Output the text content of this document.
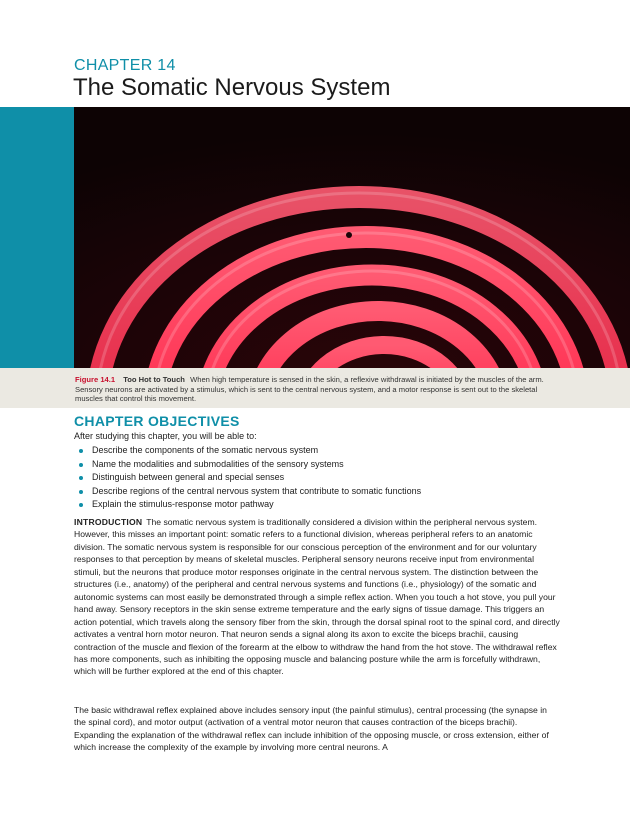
CHAPTER 14
The Somatic Nervous System
Figure 14.1 Too Hot to Touch When high temperature is sensed in the skin, a reflexive withdrawal is initiated by the muscles of the arm. Sensory neurons are activated by a stimulus, which is sent to the central nervous system, and a motor response is sent out to the skeletal muscles that control this movement.
CHAPTER OBJECTIVES
After studying this chapter, you will be able to:
Describe the components of the somatic nervous system
Name the modalities and submodalities of the sensory systems
Distinguish between general and special senses
Describe regions of the central nervous system that contribute to somatic functions
Explain the stimulus-response motor pathway

INTRODUCTION The somatic nervous system is traditionally considered a division within the peripheral nervous system. However, this misses an important point: somatic refers to a functional division, whereas peripheral refers to an anatomic division. The somatic nervous system is responsible for our conscious perception of the environment and for our voluntary responses to that perception by means of skeletal muscles. Peripheral sensory neurons receive input from environmental stimuli, but the neurons that produce motor responses originate in the central nervous system. The distinction between the structures (i.e., anatomy) of the peripheral and central nervous systems and functions (i.e., physiology) of the somatic and autonomic systems can most easily be demonstrated through a simple reflex action. When you touch a hot stove, you pull your hand away. Sensory receptors in the skin sense extreme temperature and the early signs of tissue damage. This triggers an action potential, which travels along the sensory fiber from the skin, through the dorsal spinal root to the spinal cord, and directly activates a ventral horn motor neuron. That neuron sends a signal along its axon to excite the biceps brachii, causing contraction of the muscle and flexion of the forearm at the elbow to withdraw the hand from the hot stove. The withdrawal reflex has more components, such as inhibiting the opposing muscle and balancing posture while the arm is forcefully withdrawn, which will be further explored at the end of this chapter.

The basic withdrawal reflex explained above includes sensory input (the painful stimulus), central processing (the synapse in the spinal cord), and motor output (activation of a ventral motor neuron that causes contraction of the biceps brachii). Expanding the explanation of the withdrawal reflex can include inhibition of the opposing muscle, or cross extension, either of which increase the complexity of the example by involving more central neurons. A
